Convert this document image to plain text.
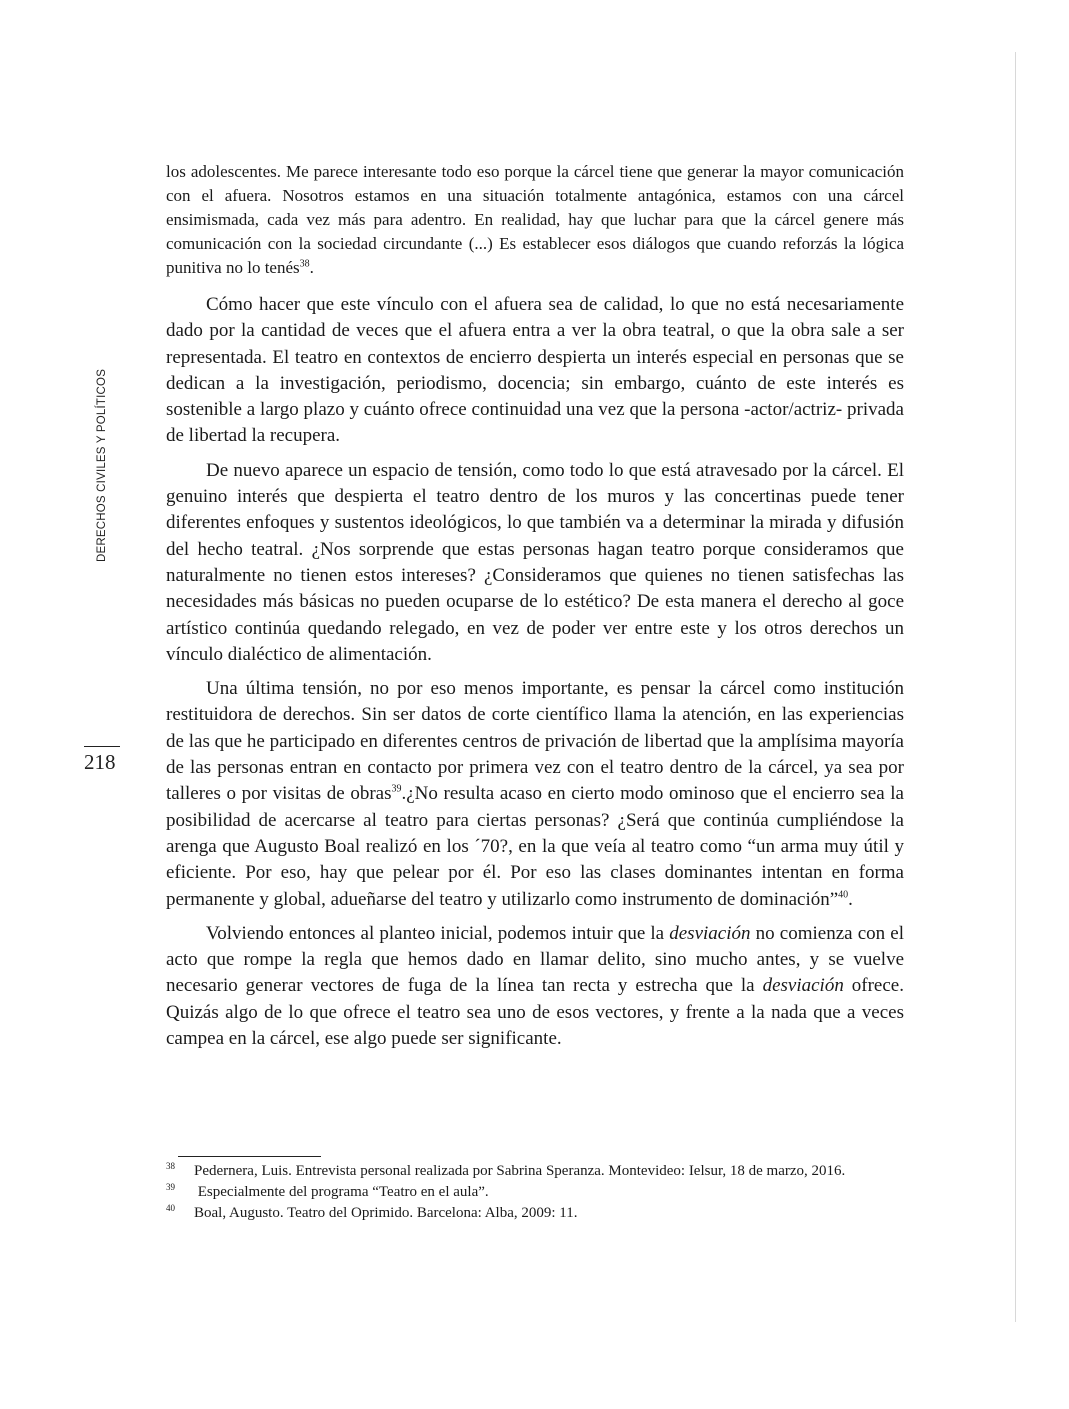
DERECHOS CIVILES Y POLÍTICOS
218

los adolescentes. Me parece interesante todo eso porque la cárcel tiene que generar la mayor comunicación con el afuera. Nosotros estamos en una situación totalmente antagónica, estamos con una cárcel ensimismada, cada vez más para adentro. En realidad, hay que luchar para que la cárcel genere más comunicación con la sociedad circundante (...) Es establecer esos diálogos que cuando reforzás la lógica punitiva no lo tenés$^{38}$.

Cómo hacer que este vínculo con el afuera sea de calidad, lo que no está necesariamente dado por la cantidad de veces que el afuera entra a ver la obra teatral, o que la obra sale a ser representada. El teatro en contextos de encierro despierta un interés especial en personas que se dedican a la investigación, periodismo, docencia; sin embargo, cuánto de este interés es sostenible a largo plazo y cuánto ofrece continuidad una vez que la persona -actor/actriz- privada de libertad la recupera.

De nuevo aparece un espacio de tensión, como todo lo que está atravesado por la cárcel. El genuino interés que despierta el teatro dentro de los muros y las concertinas puede tener diferentes enfoques y sustentos ideológicos, lo que también va a determinar la mirada y difusión del hecho teatral. ¿Nos sorprende que estas personas hagan teatro porque consideramos que naturalmente no tienen estos intereses? ¿Consideramos que quienes no tienen satisfechas las necesidades más básicas no pueden ocuparse de lo estético? De esta manera el derecho al goce artístico continúa quedando relegado, en vez de poder ver entre este y los otros derechos un vínculo dialéctico de alimentación.

Una última tensión, no por eso menos importante, es pensar la cárcel como institución restituidora de derechos. Sin ser datos de corte científico llama la atención, en las experiencias de las que he participado en diferentes centros de privación de libertad que la amplísima mayoría de las personas entran en contacto por primera vez con el teatro dentro de la cárcel, ya sea por talleres o por visitas de obras$^{39}$.¿No resulta acaso en cierto modo ominoso que el encierro sea la posibilidad de acercarse al teatro para ciertas personas? ¿Será que continúa cumpliéndose la arenga que Augusto Boal realizó en los ´70?, en la que veía al teatro como “un arma muy útil y eficiente. Por eso, hay que pelear por él. Por eso las clases dominantes intentan en forma permanente y global, adueñarse del teatro y utilizarlo como instrumento de dominación”$^{40}$.

Volviendo entonces al planteo inicial, podemos intuir que la desviación no comienza con el acto que rompe la regla que hemos dado en llamar delito, sino mucho antes, y se vuelve necesario generar vectores de fuga de la línea tan recta y estrecha que la desviación ofrece. Quizás algo de lo que ofrece el teatro sea uno de esos vectores, y frente a la nada que a veces campea en la cárcel, ese algo puede ser significante.

38 Pedernera, Luis. Entrevista personal realizada por Sabrina Speranza. Montevideo: Ielsur, 18 de marzo, 2016.

39 Especialmente del programa “Teatro en el aula”.

40 Boal, Augusto. Teatro del Oprimido. Barcelona: Alba, 2009: 11.
